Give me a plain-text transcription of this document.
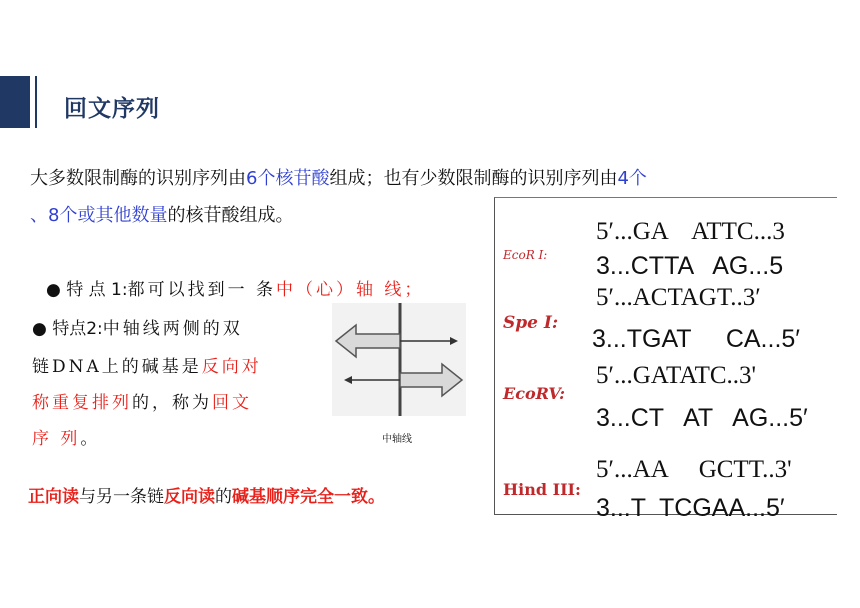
回文序列
大多数限制酶的识别序列由6个核苷酸组成；也有少数限制酶的识别序列由4个
、8个或其他数量的核苷酸组成。
● 特 点 1:都可以找到一 条中（心）轴 线；
● 特点2:中轴线两侧的双
链DNA上的碱基是反向对
称重复排列的，称为回文
序 列。	中轴线
正向读与另一条链反向读的碱基顺序完全一致。
EcoR I:
5′...GA    ATTC...3
3...CTTA   AG...5
Spe I:
5′...ACTAGT..3′
3...TGAT     CA...5′
EcoRV:
5′...GATATC..3'
3...CT   AT   AG...5′
Hind III:
5′...AA     GCTT..3'
3...T  TCGAA...5′
